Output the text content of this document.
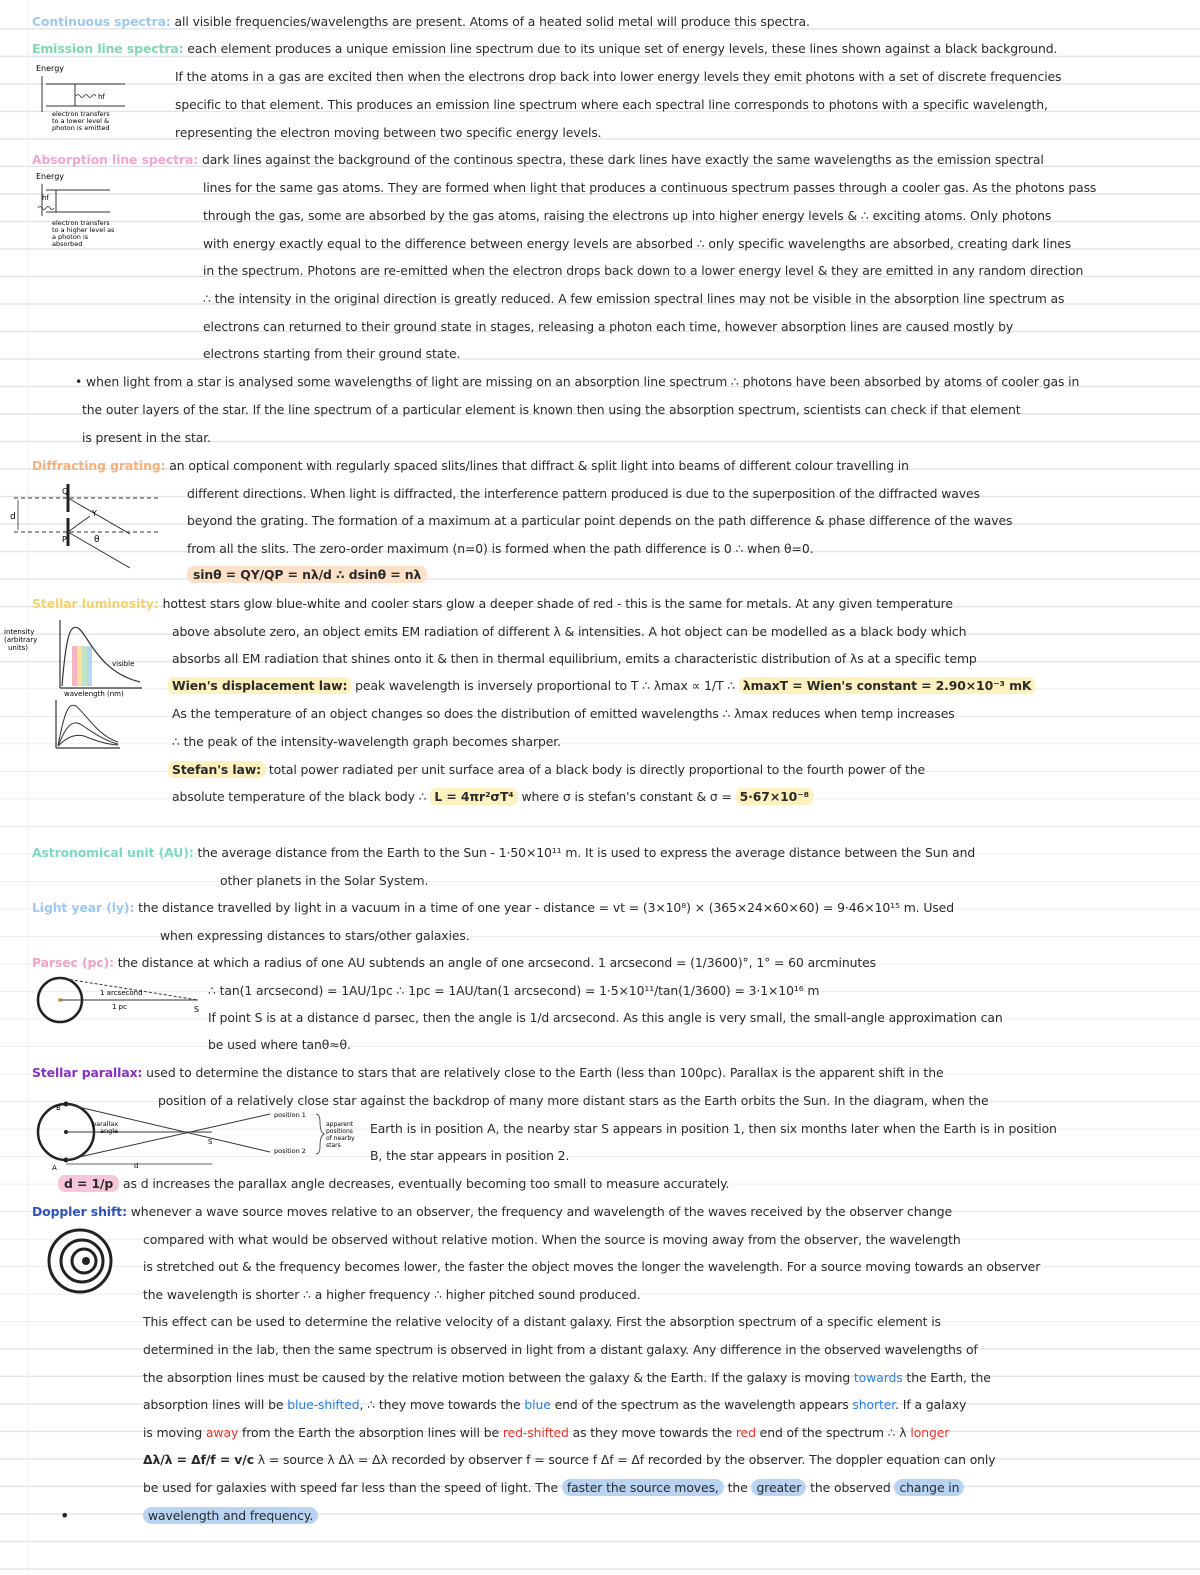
Continuous spectra: all visible frequencies/wavelengths are present. Atoms of a heated solid metal will produce this spectra.
Emission line spectra: each element produces a unique emission line spectrum due to its unique set of energy levels, these lines shown against a black background.
If the atoms in a gas are excited then when the electrons drop back into lower energy levels they emit photons with a set of discrete frequencies
specific to that element. This produces an emission line spectrum where each spectral line corresponds to photons with a specific wavelength,
representing the electron moving between two specific energy levels.
Energy
hf
electron transfers
to a lower level &
photon is emitted
Absorption line spectra: dark lines against the background of the continous spectra, these dark lines have exactly the same wavelengths as the emission spectral
lines for the same gas atoms. They are formed when light that produces a continuous spectrum passes through a cooler gas. As the photons pass
through the gas, some are absorbed by the gas atoms, raising the electrons up into higher energy levels & ∴ exciting atoms. Only photons
with energy exactly equal to the difference between energy levels are absorbed ∴ only specific wavelengths are absorbed, creating dark lines
in the spectrum. Photons are re-emitted when the electron drops back down to a lower energy level & they are emitted in any random direction
∴ the intensity in the original direction is greatly reduced. A few emission spectral lines may not be visible in the absorption line spectrum as
electrons can returned to their ground state in stages, releasing a photon each time, however absorption lines are caused mostly by
electrons starting from their ground state.
Energy
hf
electron transfers
to a higher level as
a photon is
absorbed
• when light from a star is analysed some wavelengths of light are missing on an absorption line spectrum ∴ photons have been absorbed by atoms of cooler gas in
the outer layers of the star. If the line spectrum of a particular element is known then using the absorption spectrum, scientists can check if that element
is present in the star.
Diffracting grating: an optical component with regularly spaced slits/lines that diffract & split light into beams of different colour travelling in
different directions. When light is diffracted, the interference pattern produced is due to the superposition of the diffracted waves
beyond the grating. The formation of a maximum at a particular point depends on the path difference & phase difference of the waves
from all the slits. The zero-order maximum (n=0) is formed when the path difference is 0 ∴ when θ=0.
sinθ = QY/QP = nλ/d ∴ dsinθ = nλ
d
Q
P
Y
θ
Stellar luminosity: hottest stars glow blue-white and cooler stars glow a deeper shade of red - this is the same for metals. At any given temperature
above absolute zero, an object emits EM radiation of different λ & intensities. A hot object can be modelled as a black body which
absorbs all EM radiation that shines onto it & then in thermal equilibrium, emits a characteristic distribution of λs at a specific temp
Wien's displacement law: peak wavelength is inversely proportional to T ∴ λmax ∝ 1/T ∴ λmaxT = Wien's constant = 2.90×10⁻³ mK
As the temperature of an object changes so does the distribution of emitted wavelengths ∴ λmax reduces when temp increases
∴ the peak of the intensity-wavelength graph becomes sharper.
Stefan's law: total power radiated per unit surface area of a black body is directly proportional to the fourth power of the
absolute temperature of the black body ∴ L = 4πr²σT⁴ where σ is stefan's constant & σ = 5·67×10⁻⁸
intensity
(arbitrary
units)
visible
wavelength (nm)
Astronomical unit (AU): the average distance from the Earth to the Sun - 1·50×10¹¹ m. It is used to express the average distance between the Sun and
other planets in the Solar System.
Light year (ly): the distance travelled by light in a vacuum in a time of one year - distance = vt = (3×10⁸) × (365×24×60×60) = 9·46×10¹⁵ m. Used
when expressing distances to stars/other galaxies.
Parsec (pc): the distance at which a radius of one AU subtends an angle of one arcsecond. 1 arcsecond = (1/3600)°, 1° = 60 arcminutes
∴ tan(1 arcsecond) = 1AU/1pc ∴ 1pc = 1AU/tan(1 arcsecond) = 1·5×10¹¹/tan(1/3600) = 3·1×10¹⁶ m
If point S is at a distance d parsec, then the angle is 1/d arcsecond. As this angle is very small, the small-angle approximation can
be used where tanθ≈θ.
1 arcsecond
1 pc	S
Stellar parallax: used to determine the distance to stars that are relatively close to the Earth (less than 100pc). Parallax is the apparent shift in the
position of a relatively close star against the backdrop of many more distant stars as the Earth orbits the Sun. In the diagram, when the
Earth is in position A, the nearby star S appears in position 1, then six months later when the Earth is in position
B, the star appears in position 2.
d = 1/p as d increases the parallax angle decreases, eventually becoming too small to measure accurately.
B
A
parallax
angle
S
d
position 1
position 2
apparent
positions
of nearby
stars
Doppler shift: whenever a wave source moves relative to an observer, the frequency and wavelength of the waves received by the observer change
compared with what would be observed without relative motion. When the source is moving away from the observer, the wavelength
is stretched out & the frequency becomes lower, the faster the object moves the longer the wavelength. For a source moving towards an observer
the wavelength is shorter ∴ a higher frequency ∴ higher pitched sound produced.
This effect can be used to determine the relative velocity of a distant galaxy. First the absorption spectrum of a specific element is
determined in the lab, then the same spectrum is observed in light from a distant galaxy. Any difference in the observed wavelengths of
the absorption lines must be caused by the relative motion between the galaxy & the Earth. If the galaxy is moving towards the Earth, the
absorption lines will be blue-shifted, ∴ they move towards the blue end of the spectrum as the wavelength appears shorter. If a galaxy
is moving away from the Earth the absorption lines will be red-shifted as they move towards the red end of the spectrum ∴ λ longer
Δλ/λ = Δf/f = v/c λ = source λ Δλ = Δλ recorded by observer f = source f Δf = Δf recorded by the observer. The doppler equation can only
be used for galaxies with speed far less than the speed of light. The faster the source moves, the greater the observed change in
wavelength and frequency.
•
